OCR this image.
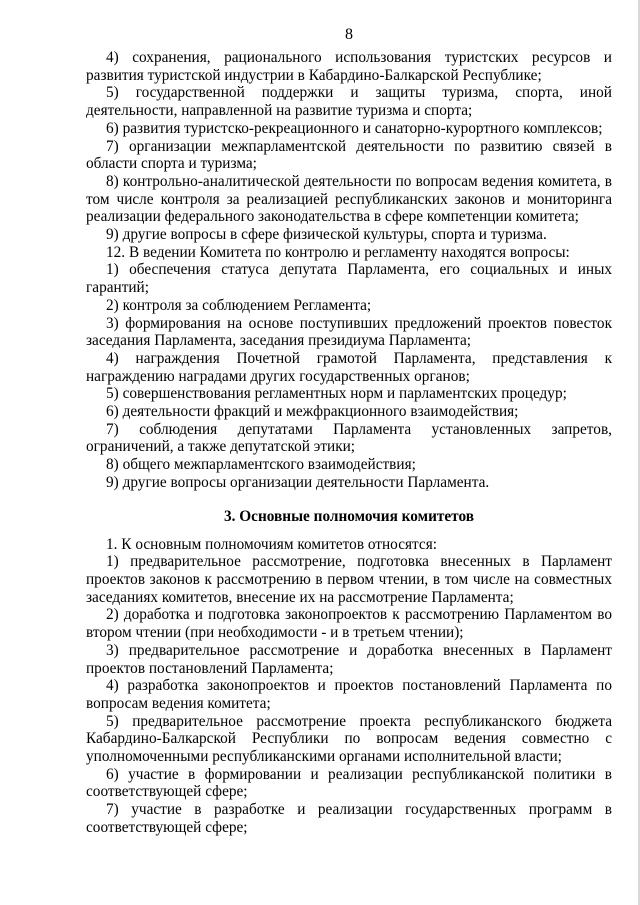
8

4) сохранения, рационального использования туристских ресурсов и развития туристской индустрии в Кабардино-Балкарской Республике;

5) государственной поддержки и защиты туризма, спорта, иной деятельности, направленной на развитие туризма и спорта;

6) развития туристско-рекреационного и санаторно-курортного комплексов;

7) организации межпарламентской деятельности по развитию связей в области спорта и туризма;

8) контрольно-аналитической деятельности по вопросам ведения комитета, в том числе контроля за реализацией республиканских законов и мониторинга реализации федерального законодательства в сфере компетенции комитета;

9) другие вопросы в сфере физической культуры, спорта и туризма.

12. В ведении Комитета по контролю и регламенту находятся вопросы:

1) обеспечения статуса депутата Парламента, его социальных и иных гарантий;

2) контроля за соблюдением Регламента;

3) формирования на основе поступивших предложений проектов повесток заседания Парламента, заседания президиума Парламента;

4) награждения Почетной грамотой Парламента, представления к награждению наградами других государственных органов;

5) совершенствования регламентных норм и парламентских процедур;

6) деятельности фракций и межфракционного взаимодействия;

7) соблюдения депутатами Парламента установленных запретов, ограничений, а также депутатской этики;

8) общего межпарламентского взаимодействия;

9) другие вопросы организации деятельности Парламента.

3. Основные полномочия комитетов

1. К основным полномочиям комитетов относятся:

1) предварительное рассмотрение, подготовка внесенных в Парламент проектов законов к рассмотрению в первом чтении, в том числе на совместных заседаниях комитетов, внесение их на рассмотрение Парламента;

2) доработка и подготовка законопроектов к рассмотрению Парламентом во втором чтении (при необходимости - и в третьем чтении);

3) предварительное рассмотрение и доработка внесенных в Парламент проектов постановлений Парламента;

4) разработка законопроектов и проектов постановлений Парламента по вопросам ведения комитета;

5) предварительное рассмотрение проекта республиканского бюджета Кабардино-Балкарской Республики по вопросам ведения совместно с уполномоченными республиканскими органами исполнительной власти;

6) участие в формировании и реализации республиканской политики в соответствующей сфере;

7) участие в разработке и реализации государственных программ в соответствующей сфере;
